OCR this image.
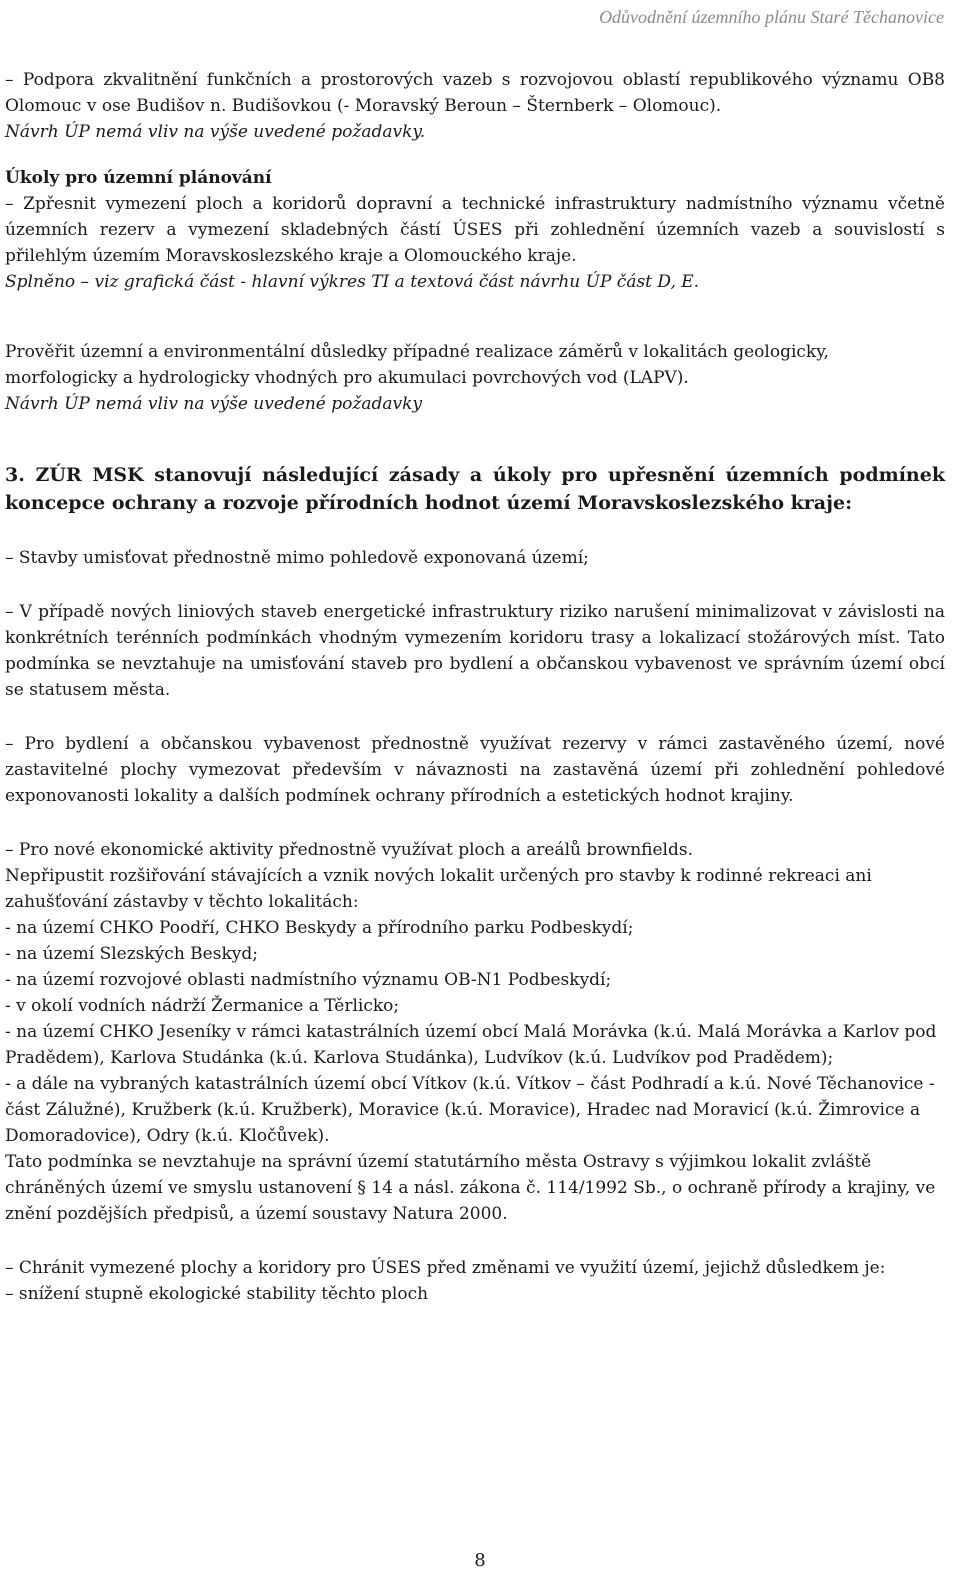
Odůvodnění územního plánu Staré Těchanovice

– Podpora zkvalitnění funkčních a prostorových vazeb s rozvojovou oblastí republikového významu OB8 Olomouc v ose Budišov n. Budišovkou (- Moravský Beroun – Šternberk – Olomouc).

Návrh ÚP nemá vliv na výše uvedené požadavky.

Úkoly pro územní plánování

– Zpřesnit vymezení ploch a koridorů dopravní a technické infrastruktury nadmístního významu včetně územních rezerv a vymezení skladebných částí ÚSES při zohlednění územních vazeb a souvislostí s přilehlým územím Moravskoslezského kraje a Olomouckého kraje.

Splněno – viz grafická část - hlavní výkres TI a textová část návrhu ÚP část D, E.

Prověřit územní a environmentální důsledky případné realizace záměrů v lokalitách geologicky, morfologicky a hydrologicky vhodných pro akumulaci povrchových vod (LAPV).

Návrh ÚP nemá vliv na výše uvedené požadavky

3. ZÚR MSK stanovují následující zásady a úkoly pro upřesnění územních podmínek koncepce ochrany a rozvoje přírodních hodnot území Moravskoslezského kraje:

– Stavby umisťovat přednostně mimo pohledově exponovaná území;

– V případě nových liniových staveb energetické infrastruktury riziko narušení minimalizovat v závislosti na konkrétních terénních podmínkách vhodným vymezením koridoru trasy a lokalizací stožárových míst. Tato podmínka se nevztahuje na umisťování staveb pro bydlení a občanskou vybavenost ve správním území obcí se statusem města.

– Pro bydlení a občanskou vybavenost přednostně využívat rezervy v rámci zastavěného území, nové zastavitelné plochy vymezovat především v návaznosti na zastavěná území při zohlednění pohledové exponovanosti lokality a dalších podmínek ochrany přírodních a estetických hodnot krajiny.

– Pro nové ekonomické aktivity přednostně využívat ploch a areálů brownfields.

Nepřipustit rozšiřování stávajících a vznik nových lokalit určených pro stavby k rodinné rekreaci ani zahušťování zástavby v těchto lokalitách:

- na území CHKO Poodří, CHKO Beskydy a přírodního parku Podbeskydí;

- na území Slezských Beskyd;

- na území rozvojové oblasti nadmístního významu OB-N1 Podbeskydí;

- v okolí vodních nádrží Žermanice a Těrlicko;

- na území CHKO Jeseníky v rámci katastrálních území obcí Malá Morávka (k.ú. Malá Morávka a Karlov pod Pradědem), Karlova Studánka (k.ú. Karlova Studánka), Ludvíkov (k.ú. Ludvíkov pod Pradědem);

- a dále na vybraných katastrálních území obcí Vítkov (k.ú. Vítkov – část Podhradí a k.ú. Nové Těchanovice - část Zálužné), Kružberk (k.ú. Kružberk), Moravice (k.ú. Moravice), Hradec nad Moravicí (k.ú. Žimrovice a Domoradovice), Odry (k.ú. Kločůvek).

Tato podmínka se nevztahuje na správní území statutárního města Ostravy s výjimkou lokalit zvláště chráněných území ve smyslu ustanovení § 14 a násl. zákona č. 114/1992 Sb., o ochraně přírody a krajiny, ve znění pozdějších předpisů, a území soustavy Natura 2000.

– Chránit vymezené plochy a koridory pro ÚSES před změnami ve využití území, jejichž důsledkem je:

– snížení stupně ekologické stability těchto ploch

8
